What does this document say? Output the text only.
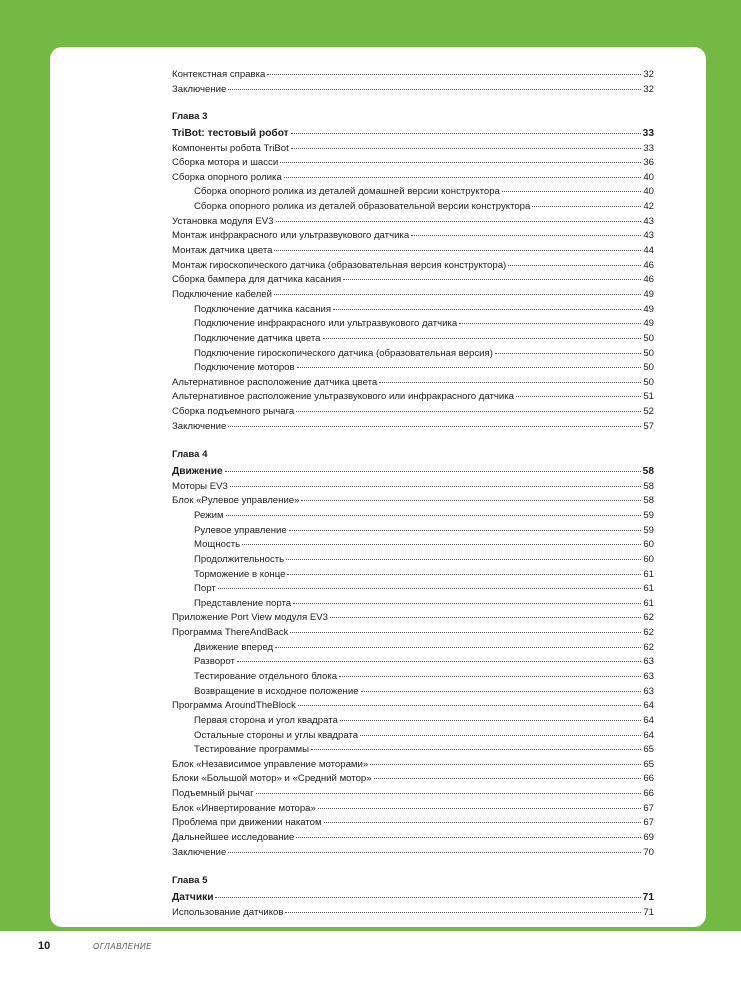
Контекстная справка	32
Заключение	32
Глава 3
TriBot: тестовый робот	33
Компоненты робота TriBot	33
Сборка мотора и шасси	36
Сборка опорного ролика	40
Сборка опорного ролика из деталей домашней версии конструктора	40
Сборка опорного ролика из деталей образовательной версии конструктора	42
Установка модуля EV3	43
Монтаж инфракрасного или ультразвукового датчика	43
Монтаж датчика цвета	44
Монтаж гироскопического датчика (образовательная версия конструктора)	46
Сборка бампера для датчика касания	46
Подключение кабелей	49
Подключение датчика касания	49
Подключение инфракрасного или ультразвукового датчика	49
Подключение датчика цвета	50
Подключение гироскопического датчика (образовательная версия)	50
Подключение моторов	50
Альтернативное расположение датчика цвета	50
Альтернативное расположение ультразвукового или инфракрасного датчика	51
Сборка подъемного рычага	52
Заключение	57
Глава 4
Движение	58
Моторы EV3	58
Блок «Рулевое управление»	58
Режим	59
Рулевое управление	59
Мощность	60
Продолжительность	60
Торможение в конце	61
Порт	61
Представление порта	61
Приложение Port View модуля EV3	62
Программа ThereAndBack	62
Движение вперед	62
Разворот	63
Тестирование отдельного блока	63
Возвращение в исходное положение	63
Программа AroundTheBlock	64
Первая сторона и угол квадрата	64
Остальные стороны и углы квадрата	64
Тестирование программы	65
Блок «Независимое управление моторами»	65
Блоки «Большой мотор» и «Средний мотор»	66
Подъемный рычаг	66
Блок «Инвертирование мотора»	67
Проблема при движении накатом	67
Дальнейшее исследование	69
Заключение	70
Глава 5
Датчики	71
Использование датчиков	71
10	ОГЛАВЛЕНИЕ
